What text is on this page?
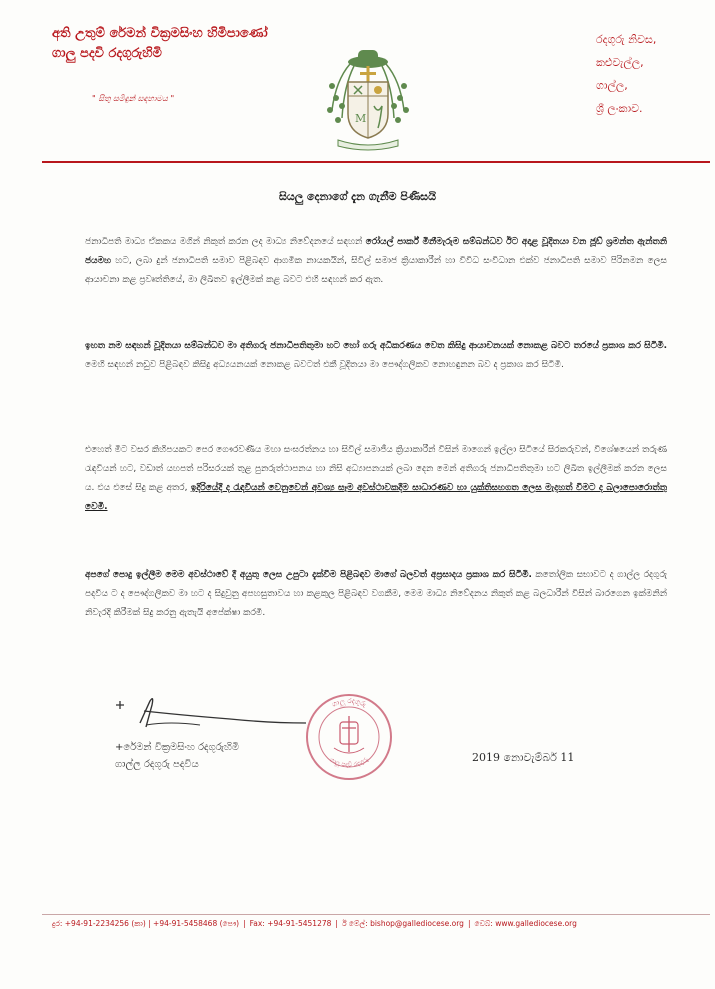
අති උතුම් රේමන් වික්‍රමසිංහ හිමිපාණෝ
ගාලු පදවි රදගුරුහිමි
" සිතු සමිඳුන් සඳහාමය "
M
රදගුරු නිවස,
කළුවැල්ල,
ගාල්ල,
ශ්‍රී ලංකාව.
සියලු දෙනාගේ දැන ගැනීම පිණිසයි
ජනාධිපති මාධ්‍ය ඒකකය මගින් නිකුත් කරන ලද මාධ්‍ය නිවේදනයේ සඳහන් රෝයල් පාර්ක් මිනීමැරුම සම්බන්ධව ඊට අදාළ වූදිතයා වන ජූඩ් ශ්‍රමන්ත ඇන්තනි ජයමහ හට, ලබා දුන් ජනාධිපති සමාව පිළිබඳව ආගමික නායකයින්, සිවිල් සමාජ ක්‍රියාකාරීන් හා විවිධ සංවිධාන එක්ව ජනාධිපති සමාව පිරිනමන ලෙස ආයාචනා කළ ප්‍රවෘත්තියේ, මා ලිඛිතව ඉල්ලීමක් කළ බවට එහි සඳහන් කර ඇත.
ඉහත නම සඳහන් වූදිතයා සම්බන්ධව මා අතිගරු ජනාධිපතිතුමා හට හෝ ගරු අධිකරණය වෙත කිසිදු ආයාචනයක් නොකළ බවට තරයේ ප්‍රකාශ කර සිටිමි. මෙහි සඳහන් නඩුව පිළිබඳව කිසිදු අධ්‍යයනයක් නොකළ බවටත් එකී වූදිතයා මා පෞද්ගලිකව නොහඳුනන බව ද ප්‍රකාශ කර සිටිමි.
එහෙත් මීට වසර කිහිපයකට පෙර ගෞරවණීය මහා සංඝරත්නය හා සිවිල් සමාජීය ක්‍රියාකාරීන් විසින් මාගෙන් ඉල්ලා සිටියේ සිරකරුවන්, විශේෂයෙන් තරුණ රැඳවියන් හට, වඩාත් යහපත් පරිසරයක් තුළ පුනරුත්ථාපනය හා නිසි අධ්‍යාපනයක් ලබා දෙන මෙන් අතිගරු ජනාධිපතිතුමා හට ලිඛිත ඉල්ලීමක් කරන ලෙස ය. එය එසේ සිදු කළ අතර, ඉදිරියේදී ද රැඳවියන් වෙනුවෙන් අවශ්‍ය සෑම අවස්ථාවකදීම සාධාරණව හා යුක්තිසහගත ලෙස මැදහත් වීමට ද බලාපොරොත්තු වෙමි.
අපගේ පොදු ඉල්ලීම මෙම අවස්ථාවේ දී අයුතු ලෙස උපුටා දැක්වීම පිළිබඳව මාගේ බලවත් අප්‍රසාදය ප්‍රකාශ කර සිටිමි. කතෝලික සභාවට ද ගාල්ල රදගුරු පදවිය ට ද පෞද්ගලිකව මා හට ද සිදුවුනු අපහසුතාවය හා කළකුල පිළිබඳව වගකීම, මෙම මාධ්‍ය නිවේදනය නිකුත් කළ බලධාරීන් විසින් බාරගෙන ඉක්මනින් නිවැරදි කිරීමක් සිදු කරනු ඇතැයි අපේක්ෂා කරමි.
+රේමන් වික්‍රමසිංහ රදගුරුහිමි
ගාල්ල රදගුරු පදවිය
ගාලු රදගුරු
ගාලු පදවි රදගුරු	2019 නොවැම්බර් 11
දුර: +94-91-2234256 (කා) | +94-91-5458468 (පෞ) | Fax: +94-91-5451278 | ඊ මේල්: bishop@gallediocese.org | වෙබ්: www.gallediocese.org
